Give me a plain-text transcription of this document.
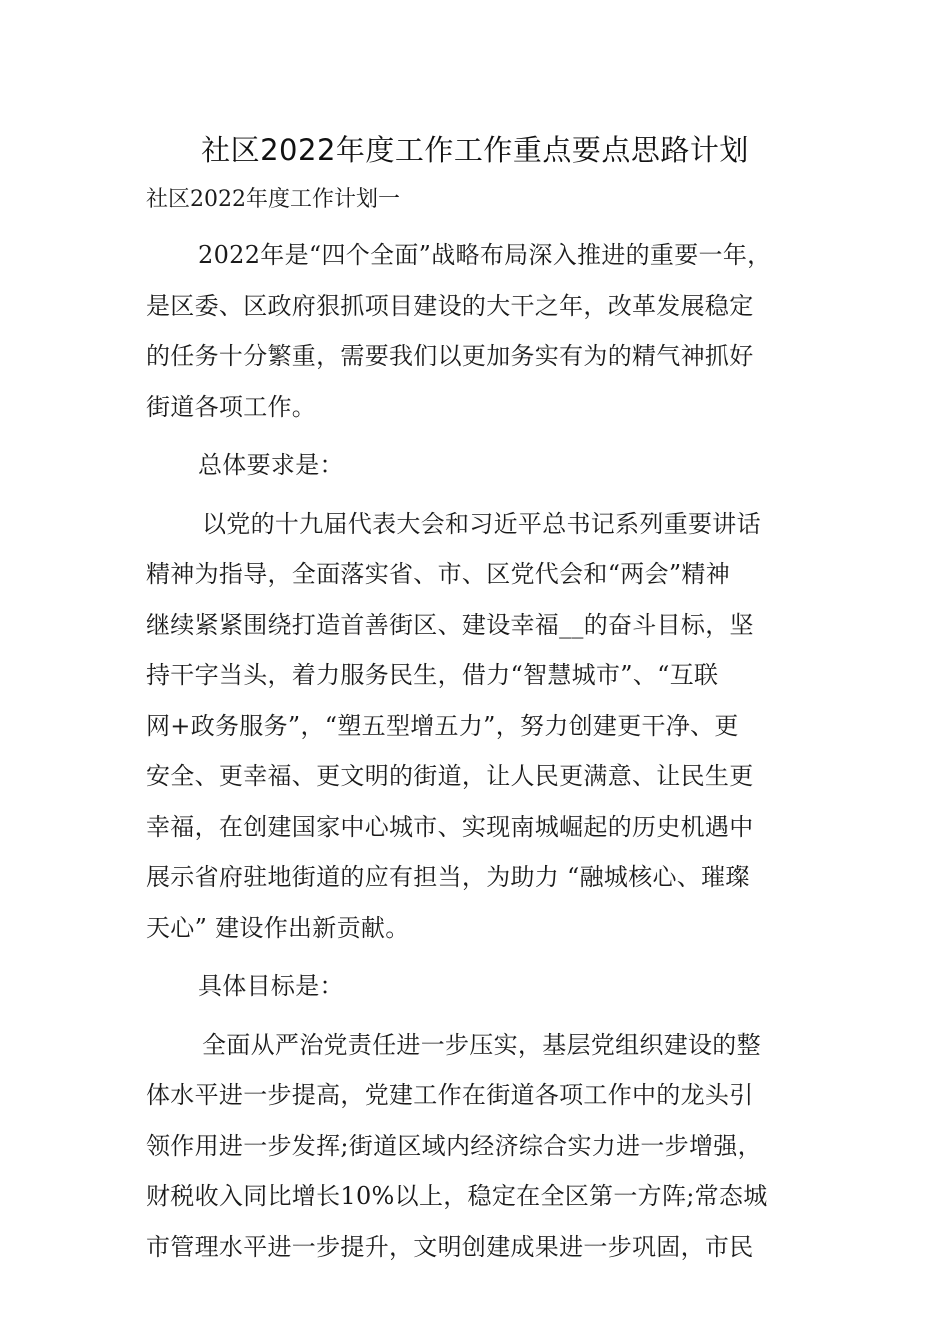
社区2022年度工作工作重点要点思路计划
社区2022年度工作计划一
2022年是“四个全面”战略布局深入推进的重要一年，
是区委、区政府狠抓项目建设的大干之年，改革发展稳定
的任务十分繁重，需要我们以更加务实有为的精气神抓好
街道各项工作。
总体要求是：
以党的十九届代表大会和习近平总书记系列重要讲话
精神为指导，全面落实省、市、区党代会和“两会”精神
继续紧紧围绕打造首善街区、建设幸福__的奋斗目标，坚
持干字当头，着力服务民生，借力“智慧城市”、“互联
网+政务服务”，“塑五型增五力”，努力创建更干净、更
安全、更幸福、更文明的街道，让人民更满意、让民生更
幸福，在创建国家中心城市、实现南城崛起的历史机遇中
展示省府驻地街道的应有担当，为助力 “融城核心、璀璨
天心” 建设作出新贡献。
具体目标是：
全面从严治党责任进一步压实，基层党组织建设的整
体水平进一步提高，党建工作在街道各项工作中的龙头引
领作用进一步发挥;街道区域内经济综合实力进一步增强，
财税收入同比增长10%以上，稳定在全区第一方阵;常态城
市管理水平进一步提升，文明创建成果进一步巩固，市民
